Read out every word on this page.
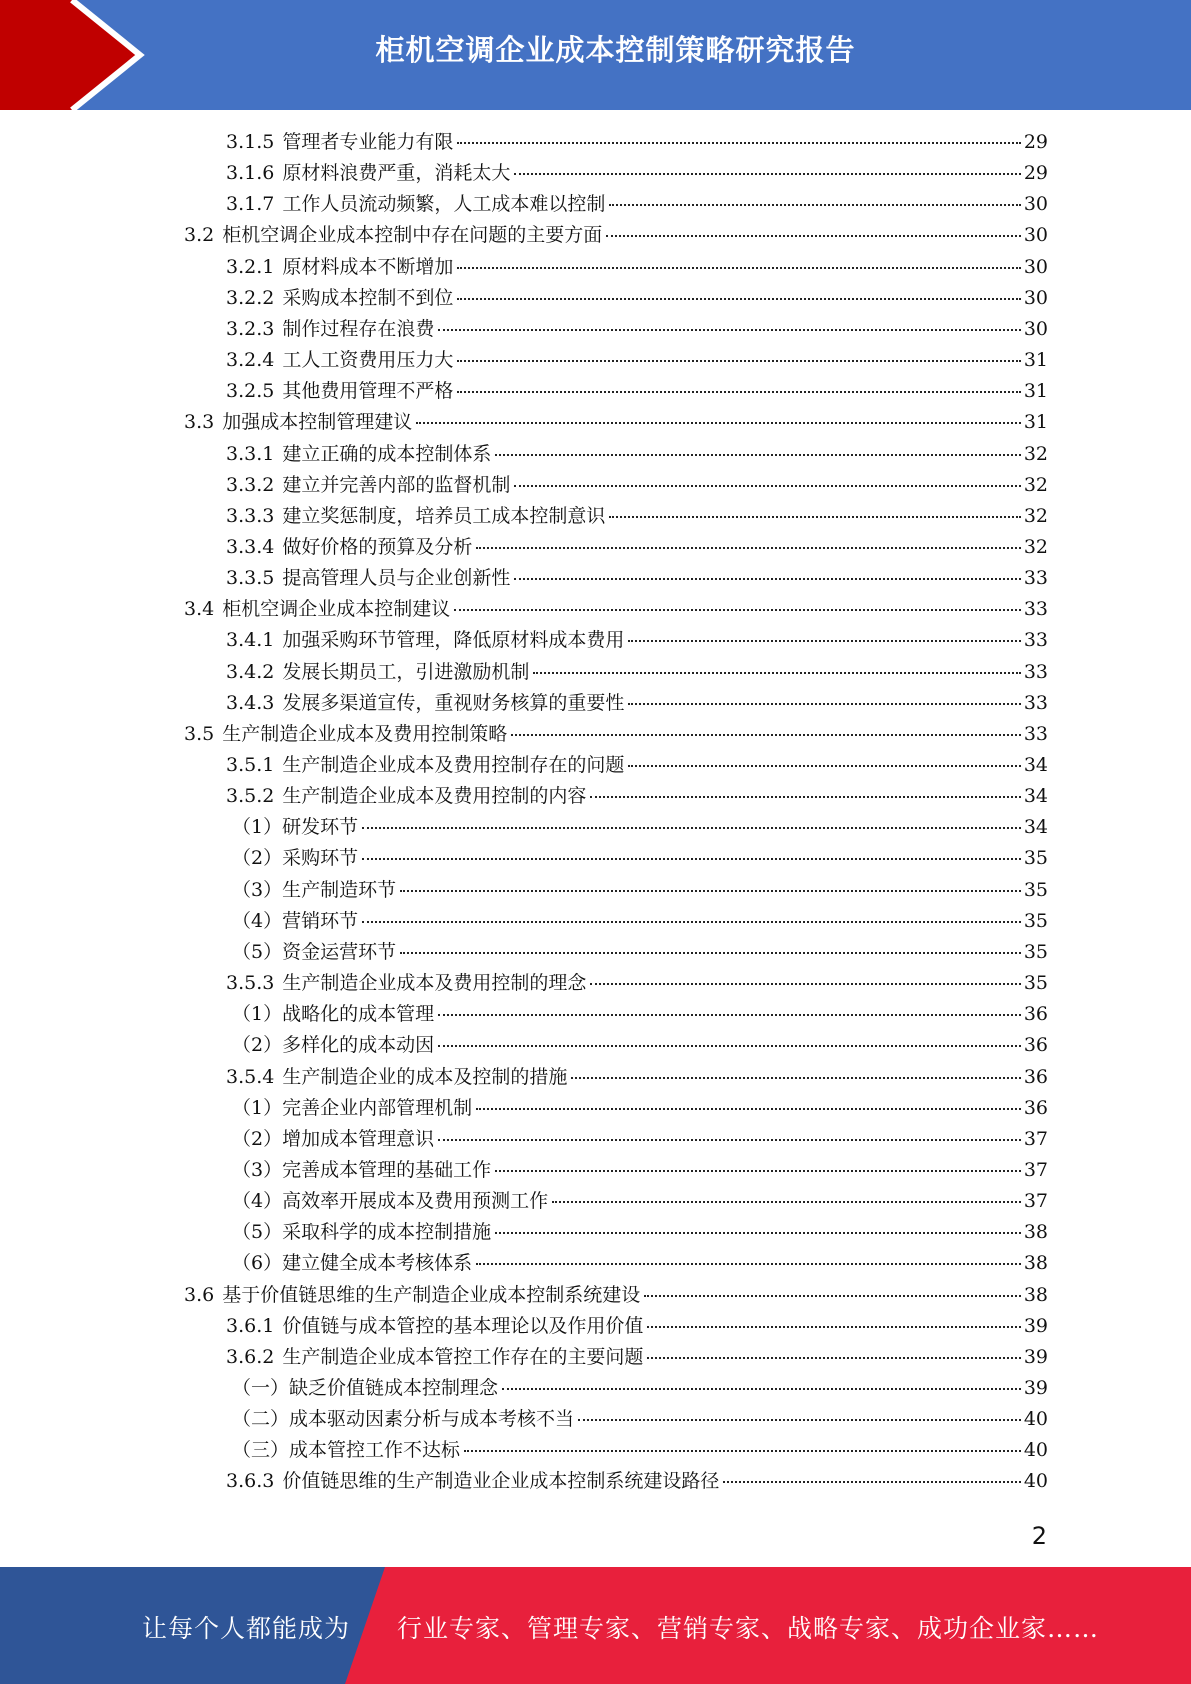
柜机空调企业成本控制策略研究报告
3.1.5 管理者专业能力有限	29
3.1.6 原材料浪费严重，消耗太大	29
3.1.7 工作人员流动频繁，人工成本难以控制	30
3.2 柜机空调企业成本控制中存在问题的主要方面	30
3.2.1 原材料成本不断增加	30
3.2.2 采购成本控制不到位	30
3.2.3 制作过程存在浪费	30
3.2.4 工人工资费用压力大	31
3.2.5 其他费用管理不严格	31
3.3 加强成本控制管理建议	31
3.3.1 建立正确的成本控制体系	32
3.3.2 建立并完善内部的监督机制	32
3.3.3 建立奖惩制度，培养员工成本控制意识	32
3.3.4 做好价格的预算及分析	32
3.3.5 提高管理人员与企业创新性	33
3.4 柜机空调企业成本控制建议	33
3.4.1 加强采购环节管理，降低原材料成本费用	33
3.4.2 发展长期员工，引进激励机制	33
3.4.3 发展多渠道宣传，重视财务核算的重要性	33
3.5 生产制造企业成本及费用控制策略	33
3.5.1 生产制造企业成本及费用控制存在的问题	34
3.5.2 生产制造企业成本及费用控制的内容	34
（1）研发环节	34
（2）采购环节	35
（3）生产制造环节	35
（4）营销环节	35
（5）资金运营环节	35
3.5.3 生产制造企业成本及费用控制的理念	35
（1）战略化的成本管理	36
（2）多样化的成本动因	36
3.5.4 生产制造企业的成本及控制的措施	36
（1）完善企业内部管理机制	36
（2）增加成本管理意识	37
（3）完善成本管理的基础工作	37
（4）高效率开展成本及费用预测工作	37
（5）采取科学的成本控制措施	38
（6）建立健全成本考核体系	38
3.6 基于价值链思维的生产制造企业成本控制系统建设	38
3.6.1 价值链与成本管控的基本理论以及作用价值	39
3.6.2 生产制造企业成本管控工作存在的主要问题	39
（一）缺乏价值链成本控制理念	39
（二）成本驱动因素分析与成本考核不当	40
（三）成本管控工作不达标	40
3.6.3 价值链思维的生产制造业企业成本控制系统建设路径	40
2
让每个人都能成为 行业专家、管理专家、营销专家、战略专家、成功企业家……
